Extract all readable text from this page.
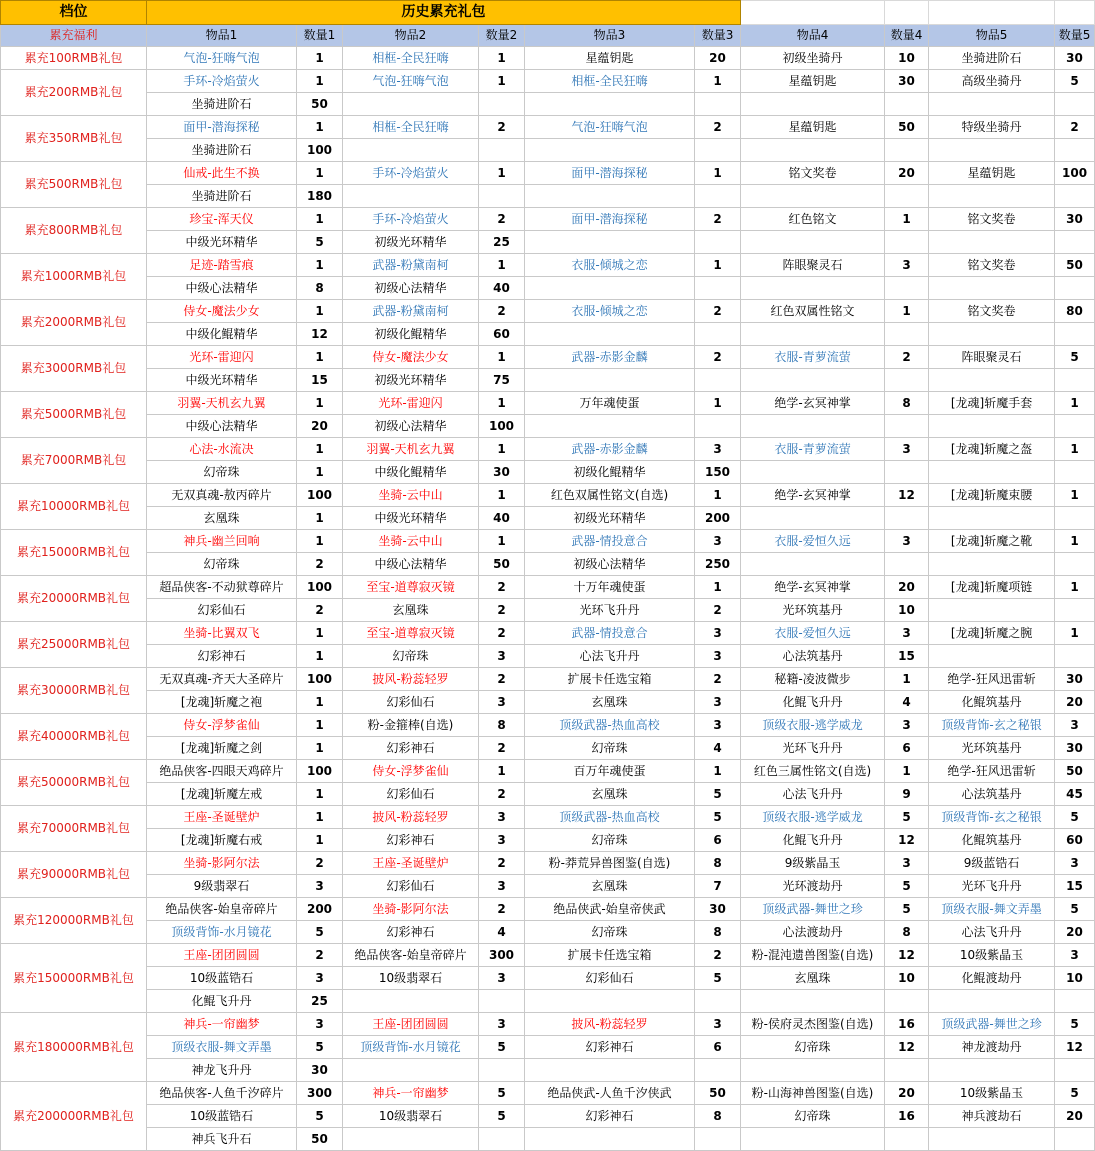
档位	历史累充礼包									
累充福利	物品1	数量1	物品2	数量2	物品3	数量3	物品4	数量4	物品5	数量5
累充100RMB礼包	气泡-狂嗨气泡	1	相框-全民狂嗨	1	星蕴钥匙	20	初级坐骑丹	10	坐骑进阶石	30
累充200RMB礼包	手环-冷焰萤火	1	气泡-狂嗨气泡	1	相框-全民狂嗨	1	星蕴钥匙	30	高级坐骑丹	5
	坐骑进阶石	50								
累充350RMB礼包	面甲-潜海探秘	1	相框-全民狂嗨	2	气泡-狂嗨气泡	2	星蕴钥匙	50	特级坐骑丹	2
	坐骑进阶石	100								
累充500RMB礼包	仙戒-此生不换	1	手环-冷焰萤火	1	面甲-潜海探秘	1	铭文奖卷	20	星蕴钥匙	100
	坐骑进阶石	180								
累充800RMB礼包	珍宝-浑天仪	1	手环-冷焰萤火	2	面甲-潜海探秘	2	红色铭文	1	铭文奖卷	30
	中级光环精华	5	初级光环精华	25						
累充1000RMB礼包	足迹-踏雪痕	1	武器-粉黛南柯	1	衣服-倾城之恋	1	阵眼聚灵石	3	铭文奖卷	50
	中级心法精华	8	初级心法精华	40						
累充2000RMB礼包	侍女-魔法少女	1	武器-粉黛南柯	2	衣服-倾城之恋	2	红色双属性铭文	1	铭文奖卷	80
	中级化鲲精华	12	初级化鲲精华	60						
累充3000RMB礼包	光环-雷迎闪	1	侍女-魔法少女	1	武器-赤影金麟	2	衣服-青萝流萤	2	阵眼聚灵石	5
	中级光环精华	15	初级光环精华	75						
累充5000RMB礼包	羽翼-天机玄九翼	1	光环-雷迎闪	1	万年魂使蛋	1	绝学-玄冥神掌	8	[龙魂]斩魔手套	1
	中级心法精华	20	初级心法精华	100						
累充7000RMB礼包	心法-水流决	1	羽翼-天机玄九翼	1	武器-赤影金麟	3	衣服-青萝流萤	3	[龙魂]斩魔之盔	1
	幻帝珠	1	中级化鲲精华	30	初级化鲲精华	150				
累充10000RMB礼包	无双真魂-敖丙碎片	100	坐骑-云中山	1	红色双属性铭文(自选)	1	绝学-玄冥神掌	12	[龙魂]斩魔束腰	1
	玄凰珠	1	中级光环精华	40	初级光环精华	200				
累充15000RMB礼包	神兵-幽兰回响	1	坐骑-云中山	1	武器-情投意合	3	衣服-爱恒久远	3	[龙魂]斩魔之靴	1
	幻帝珠	2	中级心法精华	50	初级心法精华	250				
累充20000RMB礼包	超品侠客-不动狱尊碎片	100	至宝-道尊寂灭镜	2	十万年魂使蛋	1	绝学-玄冥神掌	20	[龙魂]斩魔项链	1
	幻彩仙石	2	玄凰珠	2	光环飞升丹	2	光环筑基丹	10		
累充25000RMB礼包	坐骑-比翼双飞	1	至宝-道尊寂灭镜	2	武器-情投意合	3	衣服-爱恒久远	3	[龙魂]斩魔之腕	1
	幻彩神石	1	幻帝珠	3	心法飞升丹	3	心法筑基丹	15		
累充30000RMB礼包	无双真魂-齐天大圣碎片	100	披风-粉蕊轻罗	2	扩展卡任选宝箱	2	秘籍-凌波微步	1	绝学-狂风迅雷斩	30
	[龙魂]斩魔之袍	1	幻彩仙石	3	玄凰珠	3	化鲲飞升丹	4	化鲲筑基丹	20
累充40000RMB礼包	侍女-浮梦雀仙	1	粉-金箍棒(自选)	8	顶级武器-热血高校	3	顶级衣服-逃学威龙	3	顶级背饰-玄之秘银	3
	[龙魂]斩魔之剑	1	幻彩神石	2	幻帝珠	4	光环飞升丹	6	光环筑基丹	30
累充50000RMB礼包	绝品侠客-四眼天鸡碎片	100	侍女-浮梦雀仙	1	百万年魂使蛋	1	红色三属性铭文(自选)	1	绝学-狂风迅雷斩	50
	[龙魂]斩魔左戒	1	幻彩仙石	2	玄凰珠	5	心法飞升丹	9	心法筑基丹	45
累充70000RMB礼包	王座-圣诞壁炉	1	披风-粉蕊轻罗	3	顶级武器-热血高校	5	顶级衣服-逃学威龙	5	顶级背饰-玄之秘银	5
	[龙魂]斩魔右戒	1	幻彩神石	3	幻帝珠	6	化鲲飞升丹	12	化鲲筑基丹	60
累充90000RMB礼包	坐骑-影阿尔法	2	王座-圣诞壁炉	2	粉-莽荒异兽图鉴(自选)	8	9级紫晶玉	3	9级蓝锆石	3
	9级翡翠石	3	幻彩仙石	3	玄凰珠	7	光环渡劫丹	5	光环飞升丹	15
累充120000RMB礼包	绝品侠客-始皇帝碎片	200	坐骑-影阿尔法	2	绝品侠武-始皇帝侠武	30	顶级武器-舞世之珍	5	顶级衣服-舞文弄墨	5
	顶级背饰-水月镜花	5	幻彩神石	4	幻帝珠	8	心法渡劫丹	8	心法飞升丹	20
累充150000RMB礼包	王座-团团圆圆	2	绝品侠客-始皇帝碎片	300	扩展卡任选宝箱	2	粉-混沌遗兽图鉴(自选)	12	10级紫晶玉	3
	10级蓝锆石	3	10级翡翠石	3	幻彩仙石	5	玄凰珠	10	化鲲渡劫丹	10
	化鲲飞升丹	25								
累充180000RMB礼包	神兵-一帘幽梦	3	王座-团团圆圆	3	披风-粉蕊轻罗	3	粉-侯府灵杰图鉴(自选)	16	顶级武器-舞世之珍	5
	顶级衣服-舞文弄墨	5	顶级背饰-水月镜花	5	幻彩神石	6	幻帝珠	12	神龙渡劫丹	12
	神龙飞升丹	30								
累充200000RMB礼包	绝品侠客-人鱼千汐碎片	300	神兵-一帘幽梦	5	绝品侠武-人鱼千汐侠武	50	粉-山海神兽图鉴(自选)	20	10级紫晶玉	5
	10级蓝锆石	5	10级翡翠石	5	幻彩神石	8	幻帝珠	16	神兵渡劫石	20
	神兵飞升石	50								
